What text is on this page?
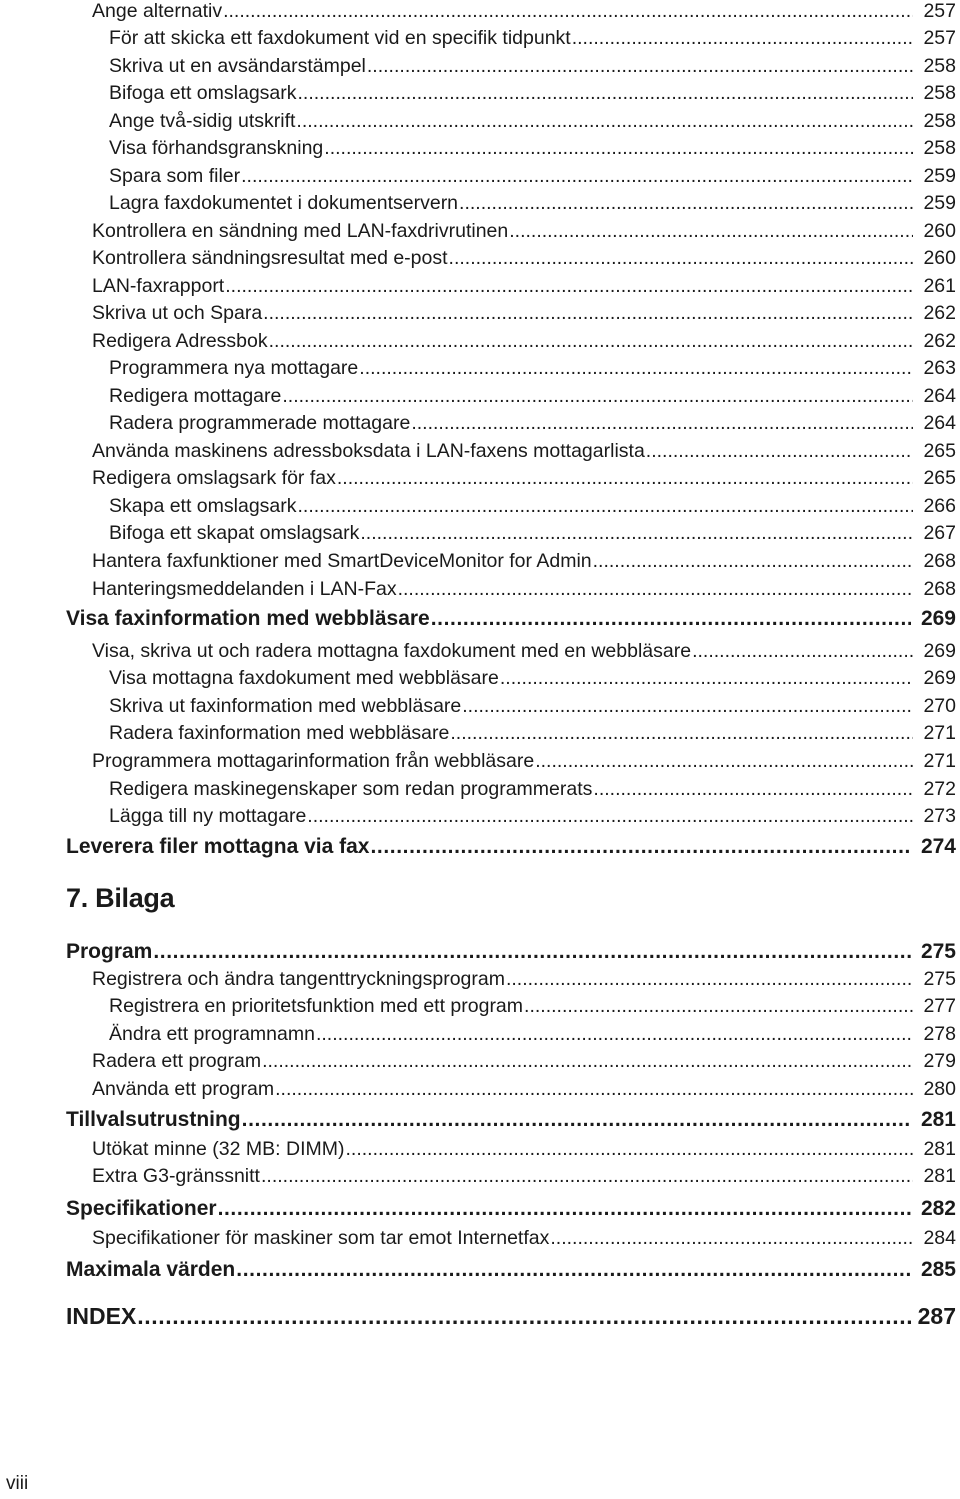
Ange alternativ .....	257
För att skicka ett faxdokument vid en specifik tidpunkt .....	257
Skriva ut en avsändarstämpel .....	258
Bifoga ett omslagsark .....	258
Ange två-sidig utskrift .....	258
Visa förhandsgranskning .....	258
Spara som filer .....	259
Lagra faxdokumentet i dokumentservern .....	259
Kontrollera en sändning med LAN-faxdrivrutinen .....	260
Kontrollera sändningsresultat med e-post .....	260
LAN-faxrapport .....	261
Skriva ut och Spara .....	262
Redigera Adressbok .....	262
Programmera nya mottagare .....	263
Redigera mottagare .....	264
Radera programmerade mottagare .....	264
Använda maskinens adressboksdata i LAN-faxens mottagarlista .....	265
Redigera omslagsark för fax .....	265
Skapa ett omslagsark .....	266
Bifoga ett skapat omslagsark .....	267
Hantera faxfunktioner med SmartDeviceMonitor for Admin .....	268
Hanteringsmeddelanden i LAN-Fax .....	268
Visa faxinformation med webbläsare .....	269
Visa, skriva ut och radera mottagna faxdokument med en webbläsare .....	269
Visa mottagna faxdokument med webbläsare .....	269
Skriva ut faxinformation med webbläsare .....	270
Radera faxinformation med webbläsare .....	271
Programmera mottagarinformation från webbläsare .....	271
Redigera maskinegenskaper som redan programmerats .....	272
Lägga till ny mottagare .....	273
Leverera filer mottagna via fax .....	274
7. Bilaga
Program .....	275
Registrera och ändra tangenttryckningsprogram .....	275
Registrera en prioritetsfunktion med ett program .....	277
Ändra ett programnamn .....	278
Radera ett program .....	279
Använda ett program .....	280
Tillvalsutrustning .....	281
Utökat minne (32 MB: DIMM) .....	281
Extra G3-gränssnitt .....	281
Specifikationer .....	282
Specifikationer för maskiner som tar emot Internetfax .....	284
Maximala värden .....	285
INDEX .....	287
viii
